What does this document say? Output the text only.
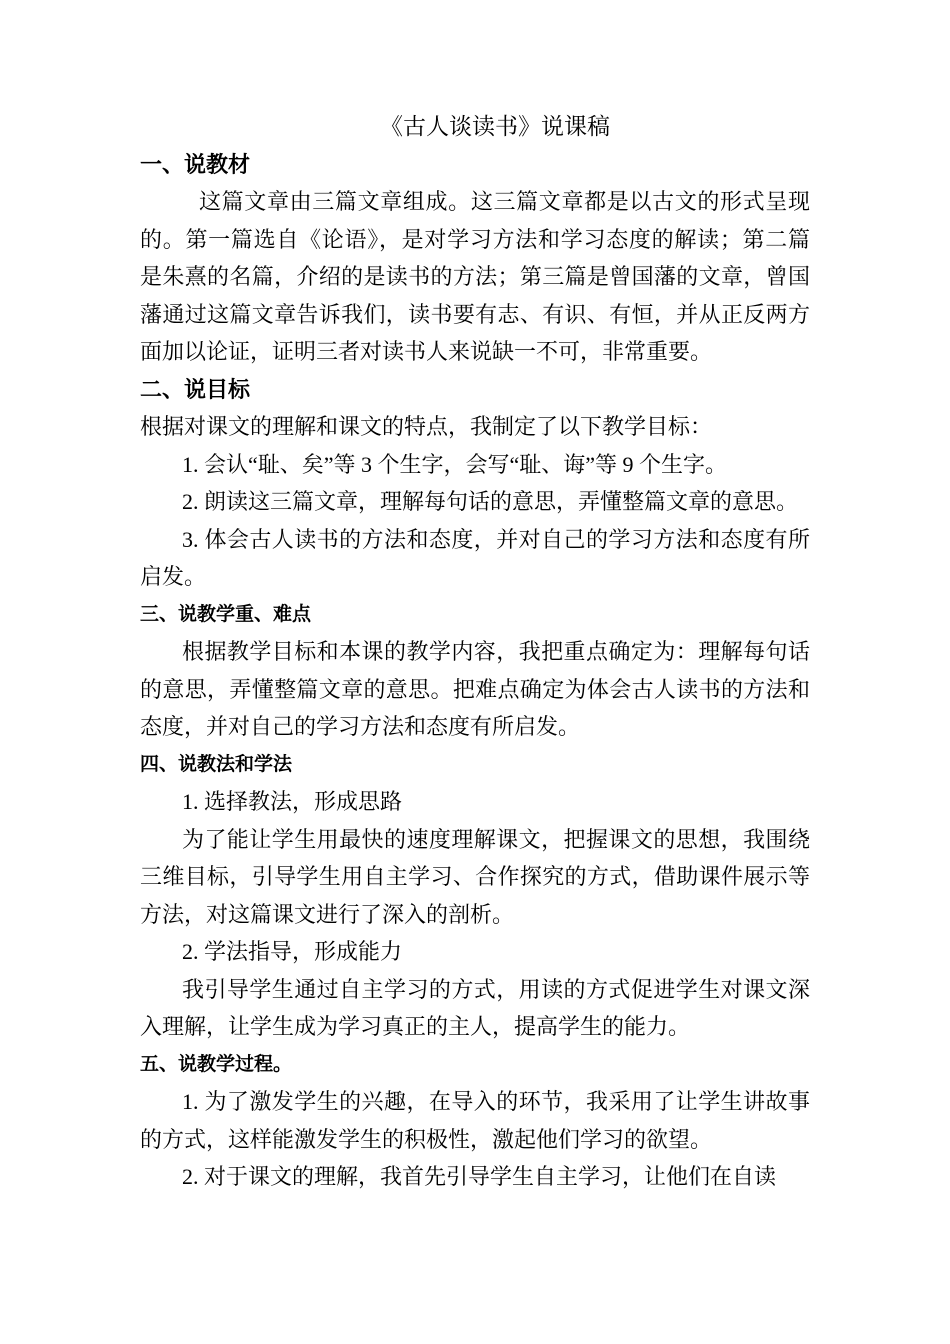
《古人谈读书》说课稿
一、说教材

这篇文章由三篇文章组成。这三篇文章都是以古文的形式呈现的。第一篇选自《论语》，是对学习方法和学习态度的解读；第二篇是朱熹的名篇，介绍的是读书的方法；第三篇是曾国藩的文章，曾国藩通过这篇文章告诉我们，读书要有志、有识、有恒，并从正反两方面加以论证，证明三者对读书人来说缺一不可，非常重要。

二、说目标

根据对课文的理解和课文的特点，我制定了以下教学目标：

1. 会认“耻、矣”等 3 个生字，会写“耻、诲”等 9 个生字。

2. 朗读这三篇文章，理解每句话的意思，弄懂整篇文章的意思。

3. 体会古人读书的方法和态度，并对自己的学习方法和态度有所启发。

三、说教学重、难点

根据教学目标和本课的教学内容，我把重点确定为：理解每句话的意思，弄懂整篇文章的意思。把难点确定为体会古人读书的方法和态度，并对自己的学习方法和态度有所启发。

四、说教法和学法

1. 选择教法，形成思路

为了能让学生用最快的速度理解课文，把握课文的思想，我围绕三维目标，引导学生用自主学习、合作探究的方式，借助课件展示等方法，对这篇课文进行了深入的剖析。

2. 学法指导，形成能力

我引导学生通过自主学习的方式，用读的方式促进学生对课文深入理解，让学生成为学习真正的主人，提高学生的能力。

五、说教学过程。

1. 为了激发学生的兴趣，在导入的环节，我采用了让学生讲故事的方式，这样能激发学生的积极性，激起他们学习的欲望。

2. 对于课文的理解，我首先引导学生自主学习，让他们在自读
